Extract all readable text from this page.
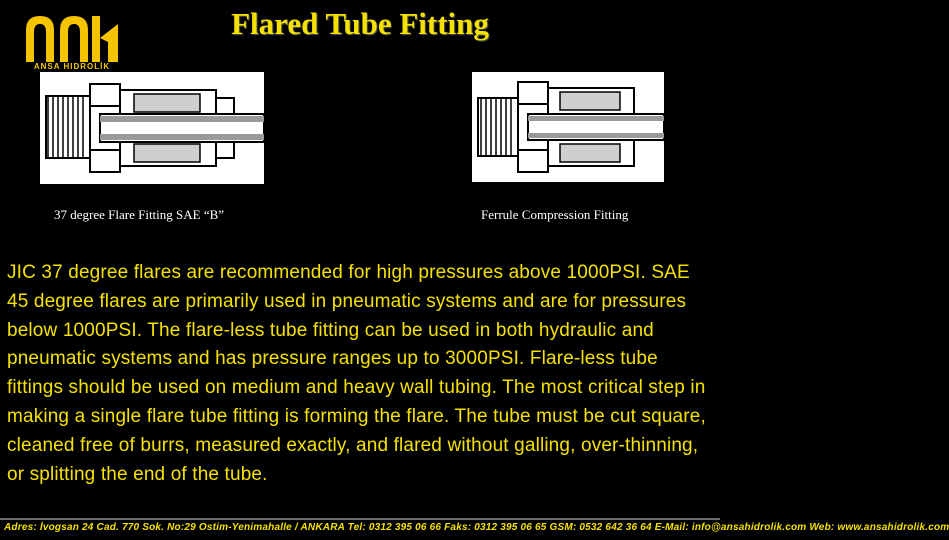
ANSA HIDROLİK
Flared Tube Fitting
37 degree Flare Fitting SAE “B”	Ferrule Compression Fitting
JIC 37 degree flares are recommended for high pressures above 1000PSI. SAE 45 degree flares are primarily used in pneumatic systems and are for pressures below 1000PSI. The flare-less tube fitting can be used in both hydraulic and pneumatic systems and has pressure ranges up to 3000PSI. Flare-less tube fittings should be used on medium and heavy wall tubing. The most critical step in making a single flare tube fitting is forming the flare. The tube must be cut square, cleaned free of burrs, measured exactly, and flared without galling, over-thinning, or splitting the end of the tube.
Adres: İvogsan 24 Cad. 770 Sok. No:29 Ostim-Yenimahalle / ANKARA Tel: 0312 395 06 66 Faks: 0312 395 06 65 GSM: 0532 642 36 64 E-Mail: info@ansahidrolik.com Web: www.ansahidrolik.com
